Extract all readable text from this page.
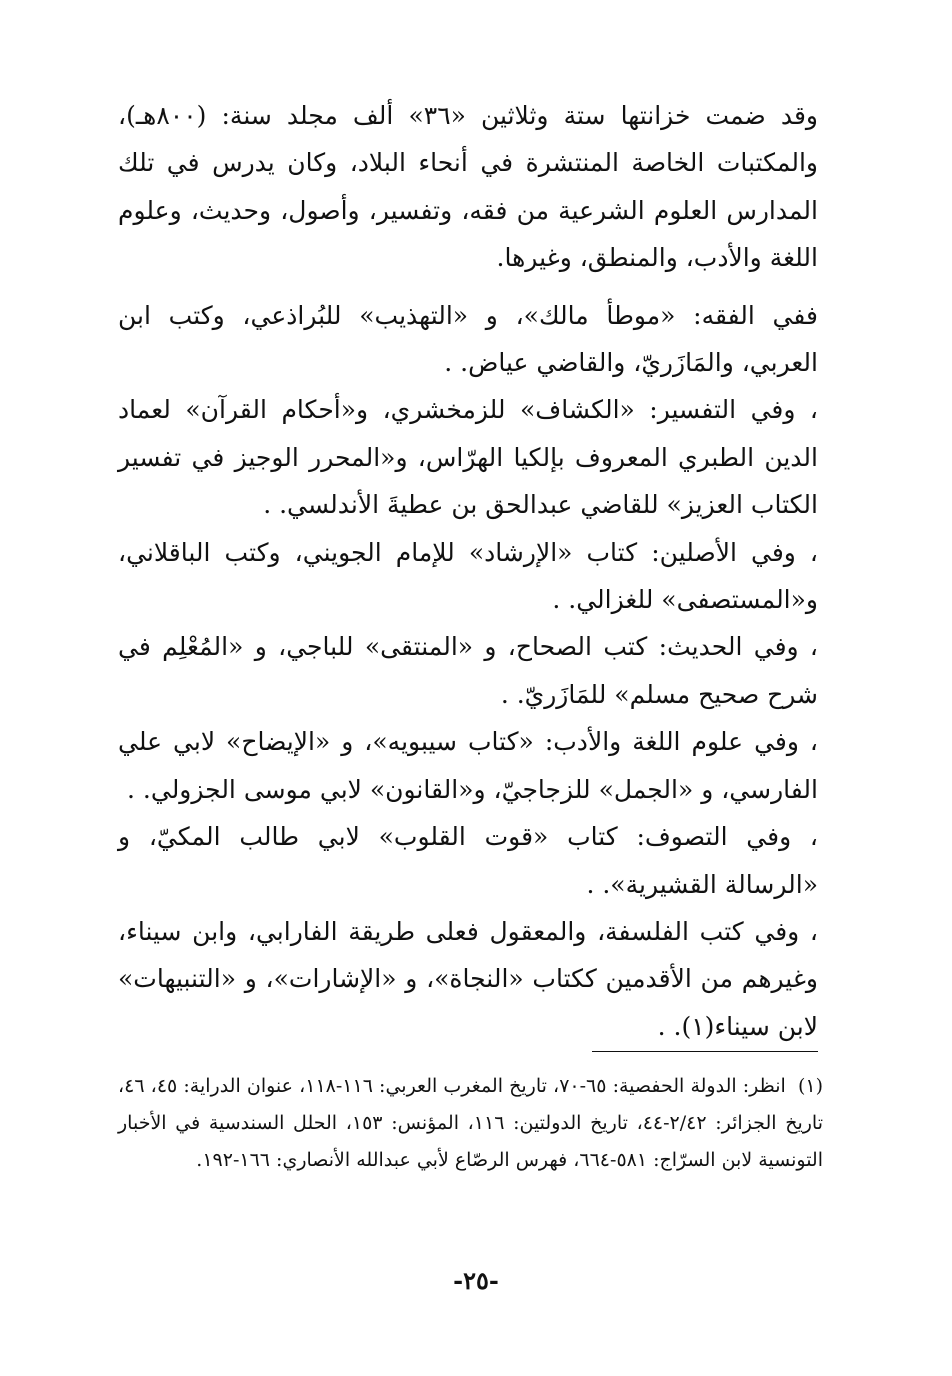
وقد ضمت خزانتها ستة وثلاثين «٣٦» ألف مجلد سنة: (٨٠٠هـ)، والمكتبات الخاصة المنتشرة في أنحاء البلاد، وكان يدرس في تلك المدارس العلوم الشرعية من فقه، وتفسير، وأصول، وحديث، وعلوم اللغة والأدب، والمنطق، وغيرها.

ففي الفقه: «موطأ مالك»، و «التهذيب» للبُراذعي، وكتب ابن العربي، والمَازَريّ، والقاضي عياض. .

، وفي التفسير: «الكشاف» للزمخشري، و«أحكام القرآن» لعماد الدين الطبري المعروف بإلكيا الهرّاس، و«المحرر الوجيز في تفسير الكتاب العزيز» للقاضي عبدالحق بن عطيةَ الأندلسي. .

، وفي الأصلين: كتاب «الإرشاد» للإمام الجويني، وكتب الباقلاني، و«المستصفى» للغزالي. .

، وفي الحديث: كتب الصحاح، و «المنتقى» للباجي، و «المُعْلِم في شرح صحيح مسلم» للمَازَريّ. .

، وفي علوم اللغة والأدب: «كتاب سيبويه»، و «الإيضاح» لابي علي الفارسي، و «الجمل» للزجاجيّ، و«القانون» لابي موسى الجزولي. .

، وفي التصوف: كتاب «قوت القلوب» لابي طالب المكيّ، و «الرسالة القشيرية». .

، وفي كتب الفلسفة، والمعقول فعلى طريقة الفارابي، وابن سيناء، وغيرهم من الأقدمين ككتاب «النجاة»، و «الإشارات»، و «التنبيهات» لابن سيناء(١). .

(١) انظر: الدولة الحفصية: ٦٥-٧٠، تاريخ المغرب العربي: ١١٦-١١٨، عنوان الدراية: ٤٥، ٤٦، تاريخ الجزائر: ٢/٤٢-٤٤، تاريخ الدولتين: ١١٦، المؤنس: ١٥٣، الحلل السندسية في الأخبار التونسية لابن السرّاج: ٥٨١-٦٦٤، فهرس الرصّاع لأبي عبدالله الأنصاري: ١٦٦-١٩٢.
-٢٥-
